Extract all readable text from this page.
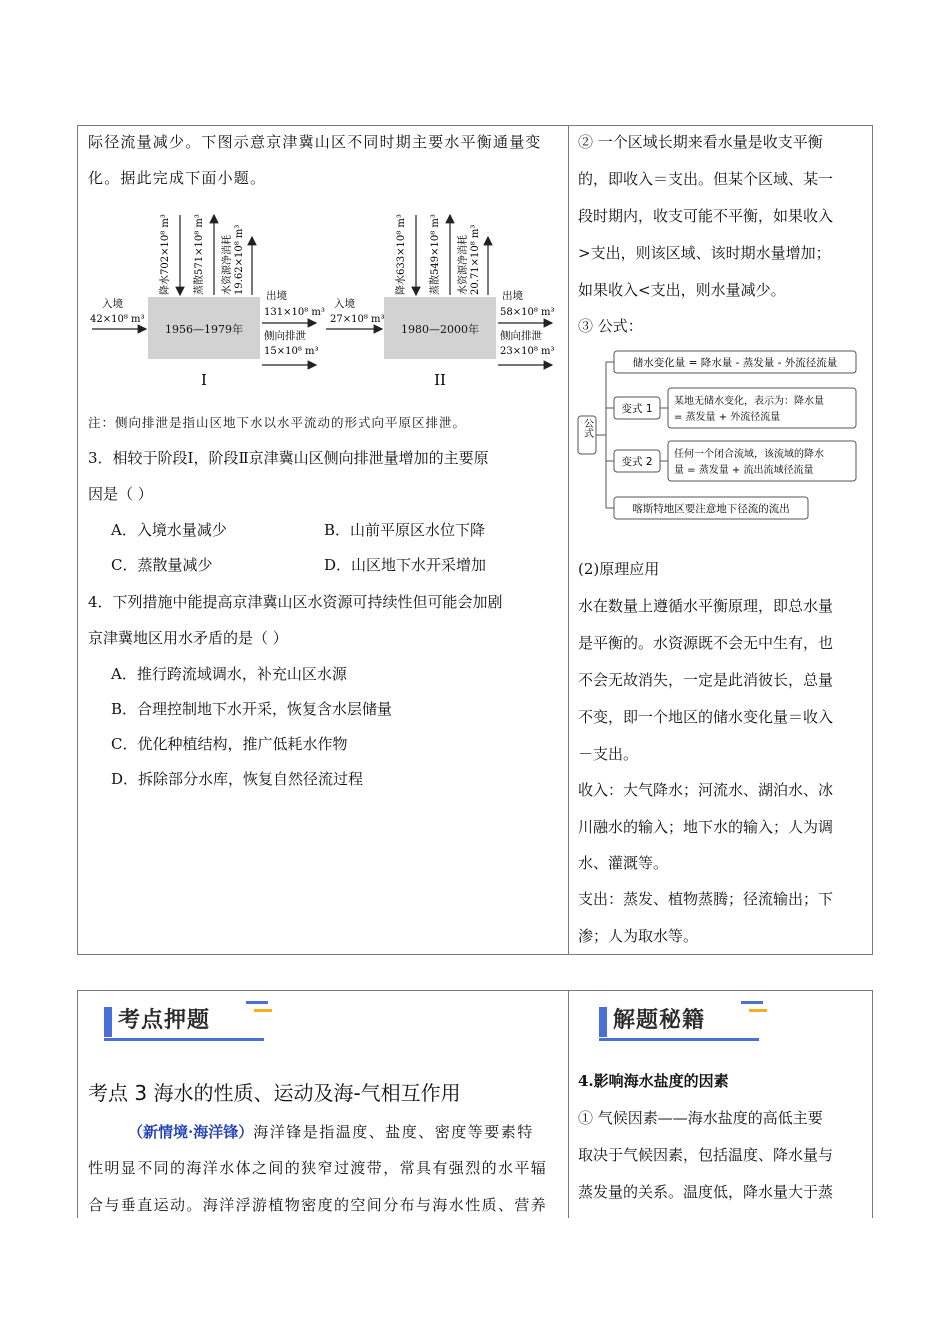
际径流量减少。下图示意京津冀山区不同时期主要水平衡通量变
化。据此完成下面小题。
1956—1979年
入境
42×10⁸ m³
降水702×10⁸ m³ 蒸散571×10⁸ m³ 水资源净消耗 19.62×10⁸ m³
出境
131×10⁸ m³
侧向排泄
15×10⁸ m³
I
1980—2000年
入境
27×10⁸ m³
降水633×10⁸ m³ 蒸散549×10⁸ m³ 水资源净消耗 20.71×10⁸ m³
出境
58×10⁸ m³
侧向排泄
23×10⁸ m³
II
注：侧向排泄是指山区地下水以水平流动的形式向平原区排泄。
3．相较于阶段Ⅰ，阶段Ⅱ京津冀山区侧向排泄量增加的主要原
因是（ ）
A．入境水量减少	B．山前平原区水位下降
C．蒸散量减少	D．山区地下水开采增加
4．下列措施中能提高京津冀山区水资源可持续性但可能会加剧
京津冀地区用水矛盾的是（ ）
A．推行跨流域调水，补充山区水源
B．合理控制地下水开采，恢复含水层储量
C．优化种植结构，推广低耗水作物
D．拆除部分水库，恢复自然径流过程
② 一个区域长期来看水量是收支平衡
的，即收入＝支出。但某个区域、某一
段时期内，收支可能不平衡，如果收入
>支出，则该区域、该时期水量增加；
如果收入<支出，则水量减少。
③ 公式：
公式
储水变化量 = 降水量 - 蒸发量 - 外流径流量
变式 1
某地无储水变化，表示为：降水量
= 蒸发量 + 外流径流量
变式 2
任何一个闭合流域，该流域的降水
量 = 蒸发量 + 流出流域径流量
喀斯特地区要注意地下径流的流出
(2)原理应用
水在数量上遵循水平衡原理，即总水量
是平衡的。水资源既不会无中生有，也
不会无故消失，一定是此消彼长，总量
不变，即一个地区的储水变化量＝收入
－支出。
收入：大气降水；河流水、湖泊水、冰
川融水的输入；地下水的输入；人为调
水、灌溉等。
支出：蒸发、植物蒸腾；径流输出；下
渗；人为取水等。
考点押题
考点 3 海水的性质、运动及海-气相互作用
（新情境·海洋锋）海洋锋是指温度、盐度、密度等要素特
性明显不同的海洋水体之间的狭窄过渡带，常具有强烈的水平辐
合与垂直运动。海洋浮游植物密度的空间分布与海水性质、营养
解题秘籍
4.影响海水盐度的因素
① 气候因素——海水盐度的高低主要
取决于气候因素，包括温度、降水量与
蒸发量的关系。温度低，降水量大于蒸
